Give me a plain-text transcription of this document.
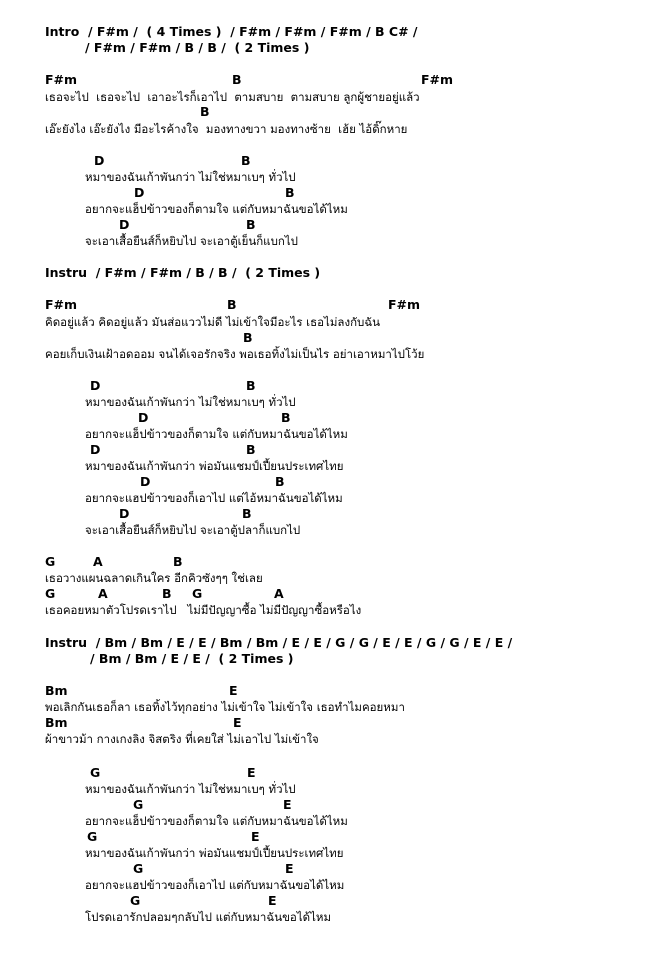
Intro  / F#m /  ( 4 Times )  / F#m / F#m / F#m / B C# /
/ F#m / F#m / B / B /  ( 2 Times )
F#m	B	F#m
เธอจะไป  เธอจะไป  เอาอะไรก็เอาไป  ตามสบาย  ตามสบาย ลูกผู้ชายอยู่แล้ว
B
เอ๊ะยังไง เอ๊ะยังไง มีอะไรค้างใจ  มองทางขวา มองทางซ้าย  เฮ้ย ไอ้ดิ๊กหาย
D	B
หมาของฉันเก้าพันกว่า ไม่ใช่หมาเบๆ ทั่วไป
D	B
อยากจะแฮ็ปข้าวของก็ตามใจ แต่กับหมาฉันขอได้ไหม
D	B
จะเอาเสื้อยืนส์ก็หยิบไป จะเอาตู้เย็นก็แบกไป
Instru  / F#m / F#m / B / B /  ( 2 Times )
F#m	B	F#m
คิดอยู่แล้ว คิดอยู่แล้ว มันส่อแววไม่ดี ไม่เข้าใจมีอะไร เธอไม่ลงกับฉัน
B
คอยเก็บเงินเฝ้าอดออม จนได้เจอรักจริง พอเธอทิ้งไม่เป็นไร อย่าเอาหมาไปโว้ย
D	B
หมาของฉันเก้าพันกว่า ไม่ใช่หมาเบๆ ทั่วไป
D	B
อยากจะแฮ็ปข้าวของก็ตามใจ แต่กับหมาฉันขอได้ไหม
D	B
หมาของฉันเก้าพันกว่า พ่อมันแชมป์เปี้ยนประเทศไทย
D	B
อยากจะแฮปข้าวของก็เอาไป แต่ไอ้หมาฉันขอได้ไหม
D	B
จะเอาเสื้อยืนส์ก็หยิบไป จะเอาตู้ปลาก็แบกไป
G	A	B
เธอวางแผนฉลาดเกินใคร อีกคิวซังๆๆ ใช่เลย
G	A	B G	A
เธอคอยหมาตัวโปรดเราไป   ไม่มีปัญญาซื้อ ไม่มีปัญญาซื้อหรือไง
Instru  / Bm / Bm / E / E / Bm / Bm / E / E / G / G / E / E / G / G / E / E /
/ Bm / Bm / E / E /  ( 2 Times )
Bm	E
พอเลิกกันเธอก็ลา เธอทิ้งไว้ทุกอย่าง ไม่เข้าใจ ไม่เข้าใจ เธอทำไมคอยหมา
Bm	E
ผ้าขาวม้า กางเกงลิง จิสตริง ที่เคยใส่ ไม่เอาไป ไม่เข้าใจ
G	E
หมาของฉันเก้าพันกว่า ไม่ใช่หมาเบๆ ทั่วไป
G	E
อยากจะแฮ็ปข้าวของก็ตามใจ แต่กับหมาฉันขอได้ไหม
G	E
หมาของฉันเก้าพันกว่า พ่อมันแชมป์เปี้ยนประเทศไทย
G	E
อยากจะแฮปข้าวของก็เอาไป แต่กับหมาฉันขอได้ไหม
G	E
โปรดเอารักปลอมๆกลับไป แต่กับหมาฉันขอได้ไหม
